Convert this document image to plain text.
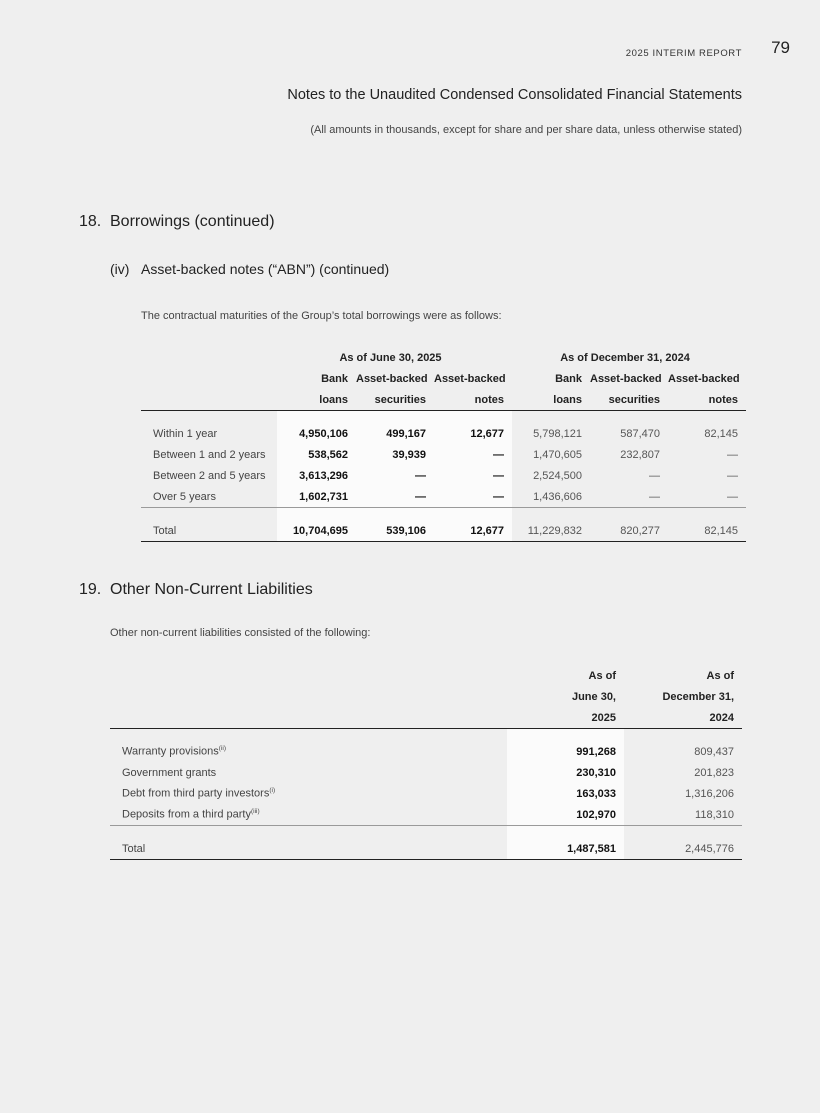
2025 INTERIM REPORT 79
Notes to the Unaudited Condensed Consolidated Financial Statements
(All amounts in thousands, except for share and per share data, unless otherwise stated)
18. Borrowings (continued)
(iv) Asset-backed notes (“ABN”) (continued)
The contractual maturities of the Group’s total borrowings were as follows:
	As of June 30, 2025			As of December 31, 2024		
	Bank	Asset-backed	Asset-backed	Bank	Asset-backed	Asset-backed
	loans	securities	notes	loans	securities	notes

Within 1 year	4,950,106	499,167	12,677	5,798,121	587,470	82,145
Between 1 and 2 years	538,562	39,939	—	1,470,605	232,807	—
Between 2 and 5 years	3,613,296	—	—	2,524,500	—	—
Over 5 years	1,602,731	—	—	1,436,606	—	—

Total	10,704,695	539,106	12,677	11,229,832	820,277	82,145
19. Other Non-Current Liabilities
Other non-current liabilities consisted of the following:
	As of	As of
	June 30,	December 31,
	2025	2024

Warranty provisions$^{(ii)}$	991,268	809,437
Government grants	230,310	201,823
Debt from third party investors$^{(i)}$	163,033	1,316,206
Deposits from a third party$^{(iii)}$	102,970	118,310

Total	1,487,581	2,445,776
